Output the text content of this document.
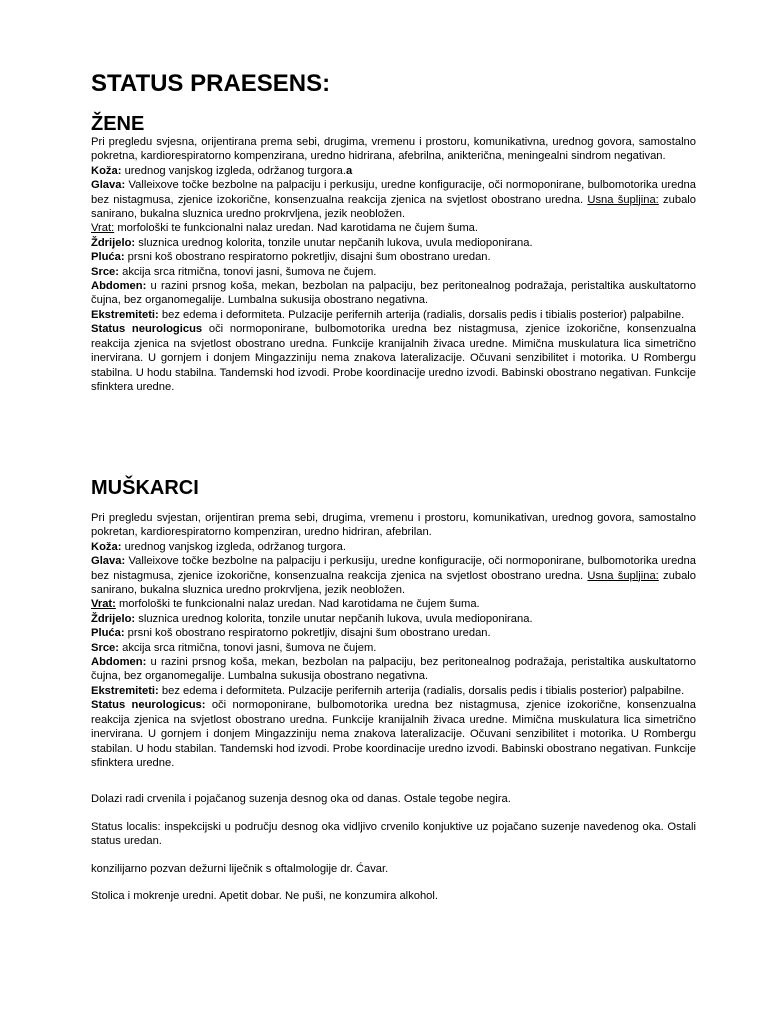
STATUS PRAESENS:
ŽENE

Pri pregledu svjesna, orijentirana prema sebi, drugima, vremenu i prostoru, komunikativna, urednog govora, samostalno pokretna, kardiorespiratorno kompenzirana, uredno hidrirana, afebrilna, anikterična, meningealni sindrom negativan.

Koža: urednog vanjskog izgleda, održanog turgora.a

Glava: Valleixove točke bezbolne na palpaciju i perkusiju, uredne konfiguracije, oči normoponirane, bulbomotorika uredna bez nistagmusa, zjenice izokorične, konsenzualna reakcija zjenica na svjetlost obostrano uredna. Usna šupljina: zubalo sanirano, bukalna sluznica uredno prokrvljena, jezik neobložen.
Vrat: morfološki te funkcionalni nalaz uredan. Nad karotidama ne čujem šuma.

Ždrijelo: sluznica urednog kolorita, tonzile unutar nepčanih lukova, uvula medioponirana.

Pluća: prsni koš obostrano respiratorno pokretljiv, disajni šum obostrano uredan.

Srce: akcija srca ritmična, tonovi jasni, šumova ne čujem.

Abdomen: u razini prsnog koša, mekan, bezbolan na palpaciju, bez peritonealnog podražaja, peristaltika auskultatorno čujna, bez organomegalije. Lumbalna sukusija obostrano negativna.

Ekstremiteti: bez edema i deformiteta. Pulzacije perifernih arterija (radialis, dorsalis pedis i tibialis posterior) palpabilne.

Status neurologicus oči normoponirane, bulbomotorika uredna bez nistagmusa, zjenice izokorične, konsenzualna reakcija zjenica na svjetlost obostrano uredna. Funkcije kranijalnih živaca uredne. Mimična muskulatura lica simetrično inervirana. U gornjem i donjem Mingazziniju nema znakova lateralizacije. Očuvani senzibilitet i motorika. U Rombergu stabilna. U hodu stabilna. Tandemski hod izvodi. Probe koordinacije uredno izvodi. Babinski obostrano negativan. Funkcije sfinktera uredne.

MUŠKARCI

Pri pregledu svjestan, orijentiran prema sebi, drugima, vremenu i prostoru, komunikativan, urednog govora, samostalno pokretan, kardiorespiratorno kompenziran, uredno hidriran, afebrilan.

Koža: urednog vanjskog izgleda, održanog turgora.

Glava: Valleixove točke bezbolne na palpaciju i perkusiju, uredne konfiguracije, oči normoponirane, bulbomotorika uredna bez nistagmusa, zjenice izokorične, konsenzualna reakcija zjenica na svjetlost obostrano uredna. Usna šupljina: zubalo sanirano, bukalna sluznica uredno prokrvljena, jezik neobložen.
Vrat: morfološki te funkcionalni nalaz uredan. Nad karotidama ne čujem šuma.

Ždrijelo: sluznica urednog kolorita, tonzile unutar nepčanih lukova, uvula medioponirana.

Pluća: prsni koš obostrano respiratorno pokretljiv, disajni šum obostrano uredan.

Srce: akcija srca ritmična, tonovi jasni, šumova ne čujem.

Abdomen: u razini prsnog koša, mekan, bezbolan na palpaciju, bez peritonealnog podražaja, peristaltika auskultatorno čujna, bez organomegalije. Lumbalna sukusija obostrano negativna.

Ekstremiteti: bez edema i deformiteta. Pulzacije perifernih arterija (radialis, dorsalis pedis i tibialis posterior) palpabilne.

Status neurologicus: oči normoponirane, bulbomotorika uredna bez nistagmusa, zjenice izokorične, konsenzualna reakcija zjenica na svjetlost obostrano uredna. Funkcije kranijalnih živaca uredne. Mimična muskulatura lica simetrično inervirana. U gornjem i donjem Mingazziniju nema znakova lateralizacije. Očuvani senzibilitet i motorika. U Rombergu stabilan. U hodu stabilan. Tandemski hod izvodi. Probe koordinacije uredno izvodi. Babinski obostrano negativan. Funkcije sfinktera uredne.

Dolazi radi crvenila i pojačanog suzenja desnog oka od danas. Ostale tegobe negira.

Status localis: inspekcijski u području desnog oka vidljivo crvenilo konjuktive uz pojačano suzenje navedenog oka. Ostali status uredan.

konzilijarno pozvan dežurni liječnik s oftalmologije dr. Ćavar.

Stolica i mokrenje uredni. Apetit dobar. Ne puši, ne konzumira alkohol.
